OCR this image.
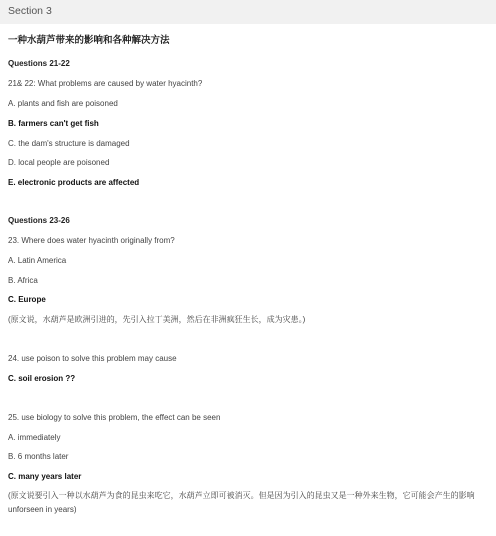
Section 3
一种水葫芦带来的影响和各种解决方法
Questions 21-22
21& 22: What problems are caused by water hyacinth?
A. plants and fish are poisoned
B. farmers can't get fish
C. the dam's structure is damaged
D. local people are poisoned
E. electronic products are affected
Questions 23-26
23. Where does water hyacinth originally from?
A. Latin America
B. Africa
C. Europe
(原文说，水葫芦是欧洲引进的，先引入拉丁美洲，然后在非洲疯狂生长，成为灾患。)
24. use poison to solve this problem may cause
C. soil erosion ??
25. use biology to solve this problem, the effect can be seen
A. immediately
B. 6 months later
C. many years later
(原文说要引入一种以水葫芦为食的昆虫来吃它，水葫芦立即可被消灭。但是因为引入的昆虫又是一种外来生物，它可能会产生的影响unforseen in years)
